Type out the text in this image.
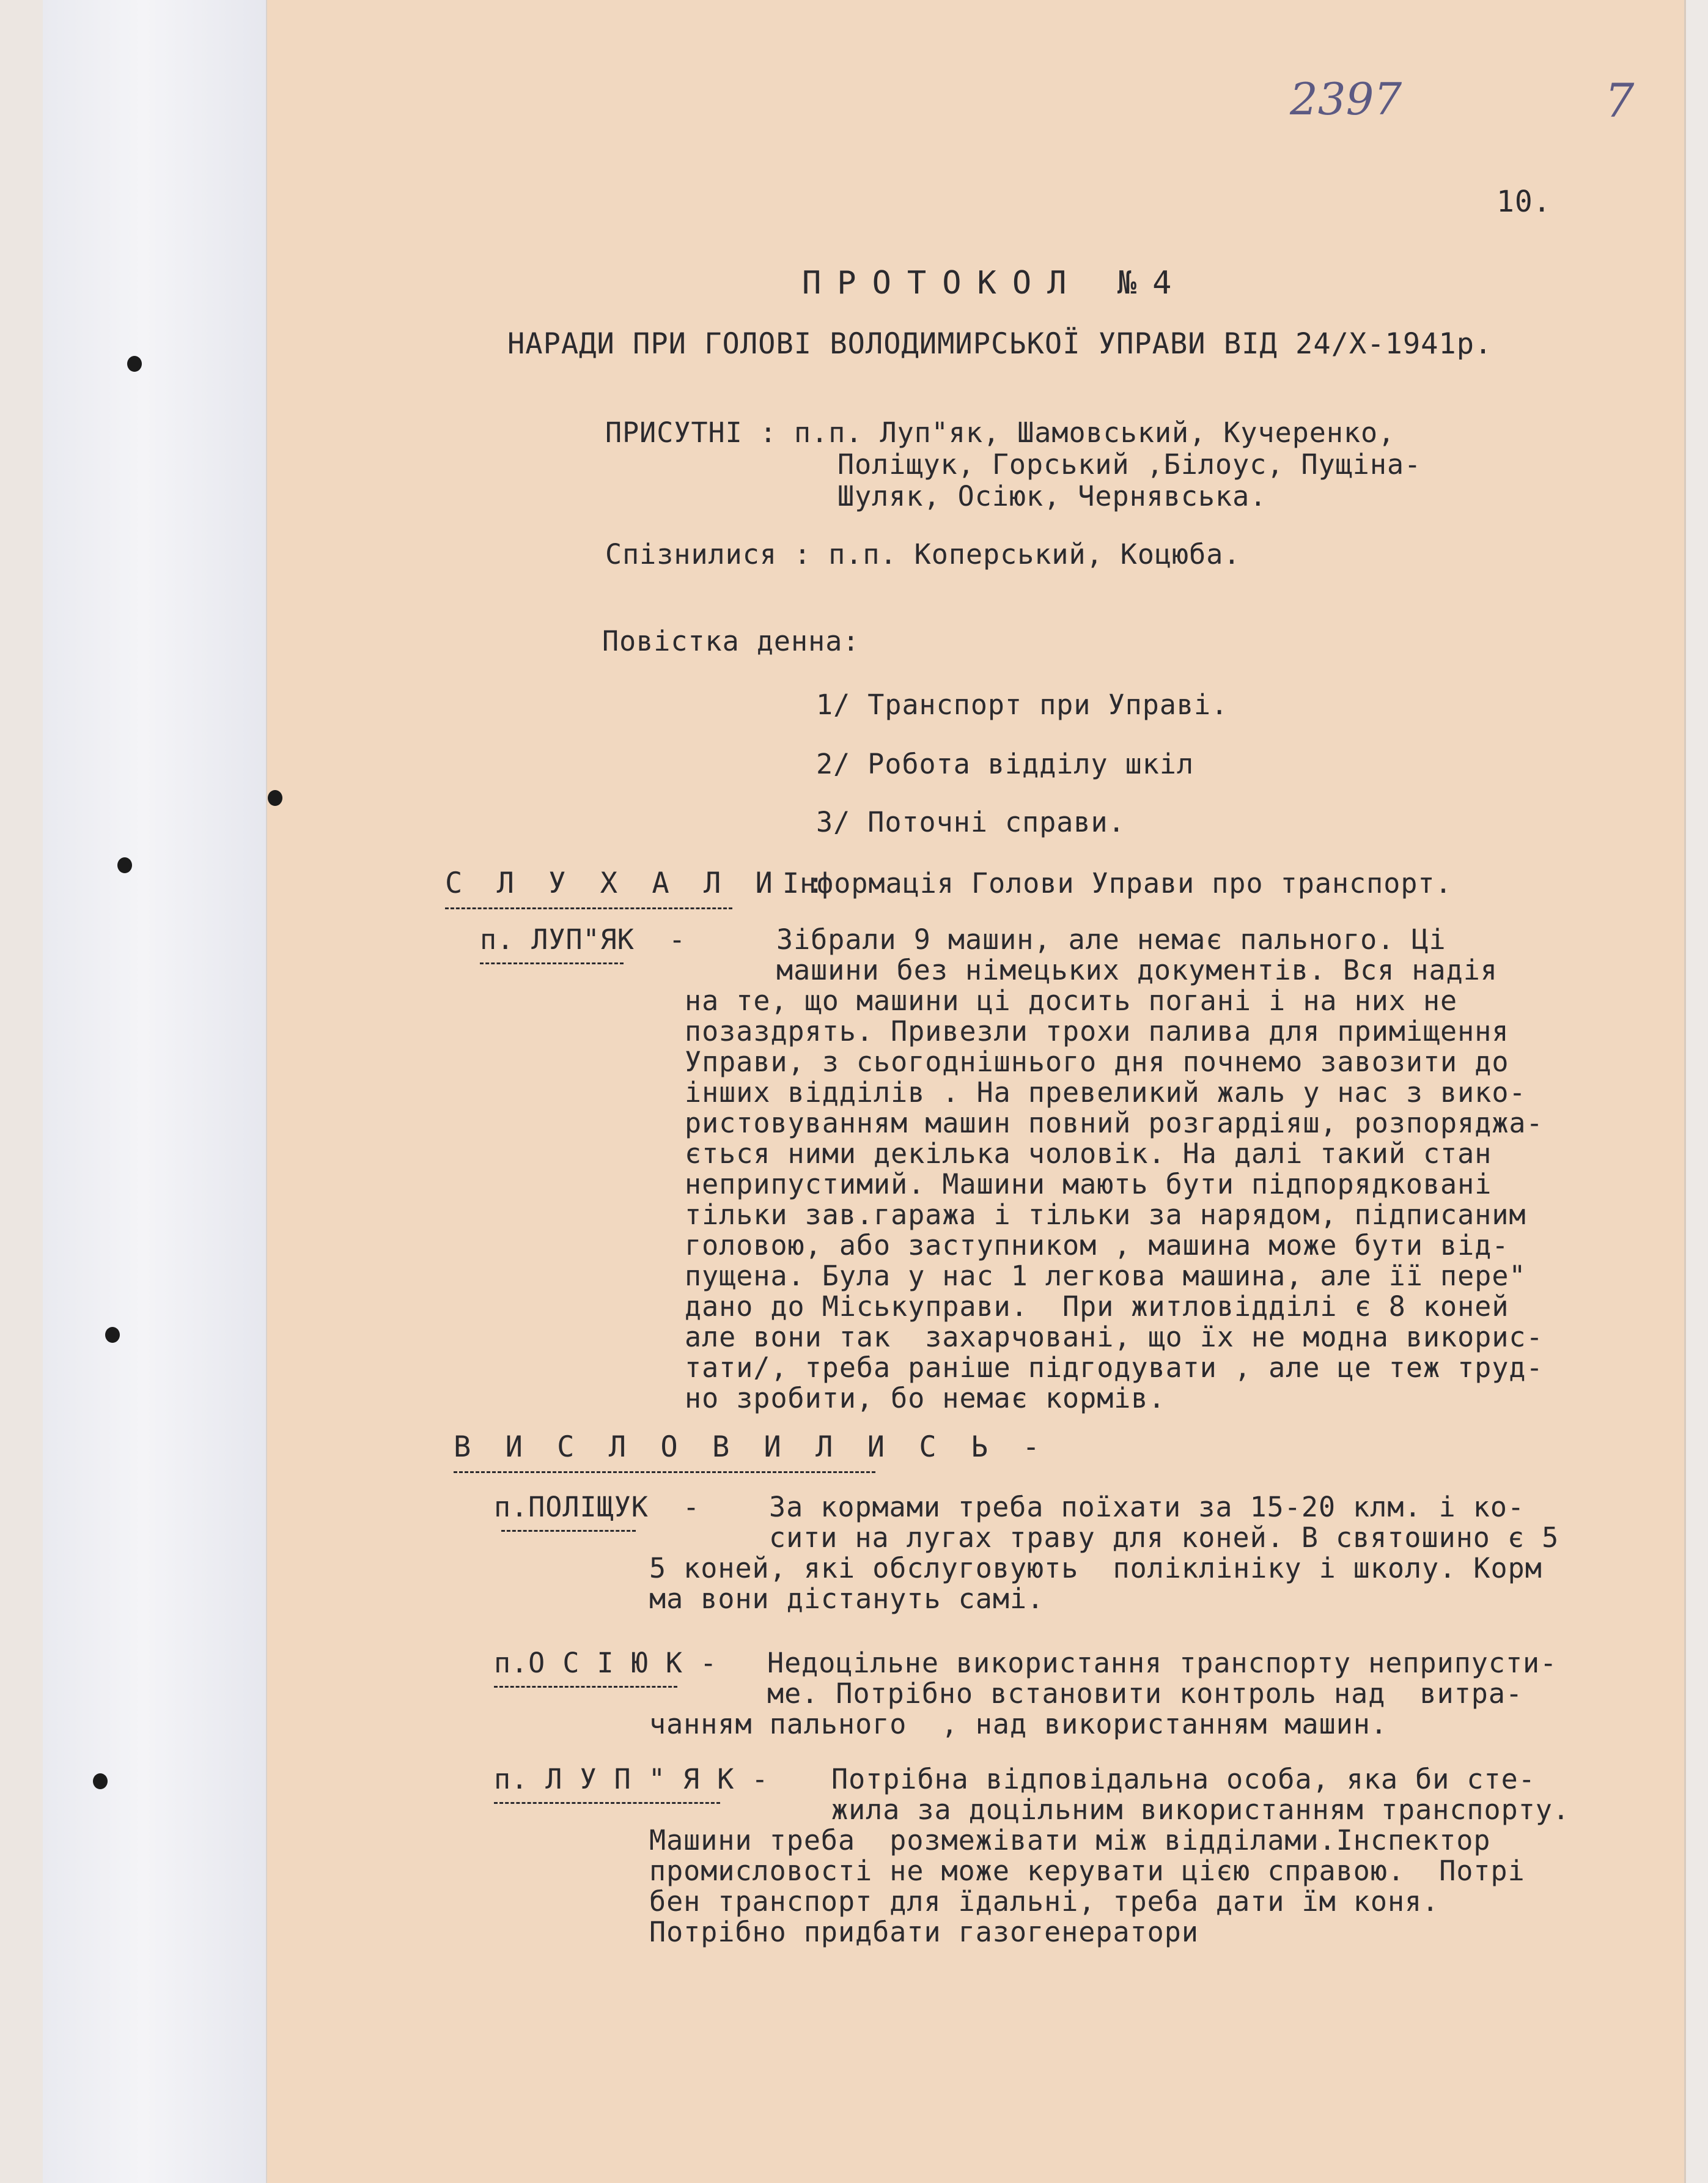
2397	7
10.
ПРОТОКОЛ №4
НАРАДИ ПРИ ГОЛОВІ ВОЛОДИМИРСЬКОЇ УПРАВИ ВІД 24/Х-1941р.
ПРИСУТНІ : п.п. Луп"як, Шамовський, Кучеренко,
Поліщук, Горський ,Білоус, Пущіна-
Шуляк, Осіюк, Чернявська.
Спізнилися : п.п. Коперський, Коцюба.
Повістка денна:
1/ Транспорт при Управі.
2/ Робота відділу шкіл
3/ Поточні справи.
С Л У Х А Л И :
Інформація Голови Управи про транспорт.
п. ЛУП"ЯК  -	Зібрали 9 машин, але немає пального. Ці
машини без німецьких документів. Вся надія
на те, що машини ці досить погані і на них не
позаздрять. Привезли трохи палива для приміщення
Управи, з сьогоднішнього дня почнемо завозити до
інших відділів . На превеликий жаль у нас з вико-
ристовуванням машин повний розгардіяш, розпоряджа-
ється ними декілька чоловік. На далі такий стан
неприпустимий. Машини мають бути підпорядковані
тільки зав.гаража і тільки за нарядом, підписаним
головою, або заступником , машина може бути від-
пущена. Була у нас 1 легкова машина, але її пере"
дано до Міськуправи.  При житловідділі є 8 коней
але вони так  захарчовані, що їх не модна викорис-
тати/, треба раніше підгодувати , але це теж труд-
но зробити, бо немає кормів.
В И С Л О В И Л И С Ь -
п.ПОЛІЩУК  -	За кормами треба поїхати за 15-20 клм. і ко-
сити на лугах траву для коней. В святошино є 5
5 коней, які обслуговують  поліклініку і школу. Корм
ма вони дістануть самі.
п.О С І Ю К - Недоцільне використання транспорту неприпусти-
ме. Потрібно встановити контроль над  витра-
чанням пального  , над використанням машин.
п. Л У П " Я К - Потрібна відповідальна особа, яка би сте-
жила за доцільним використанням транспорту.
Машини треба  розмежівати між відділами.Інспектор
промисловості не може керувати цією справою.  Потрі
бен транспорт для їдальні, треба дати їм коня.
Потрібно придбати газогенератори
